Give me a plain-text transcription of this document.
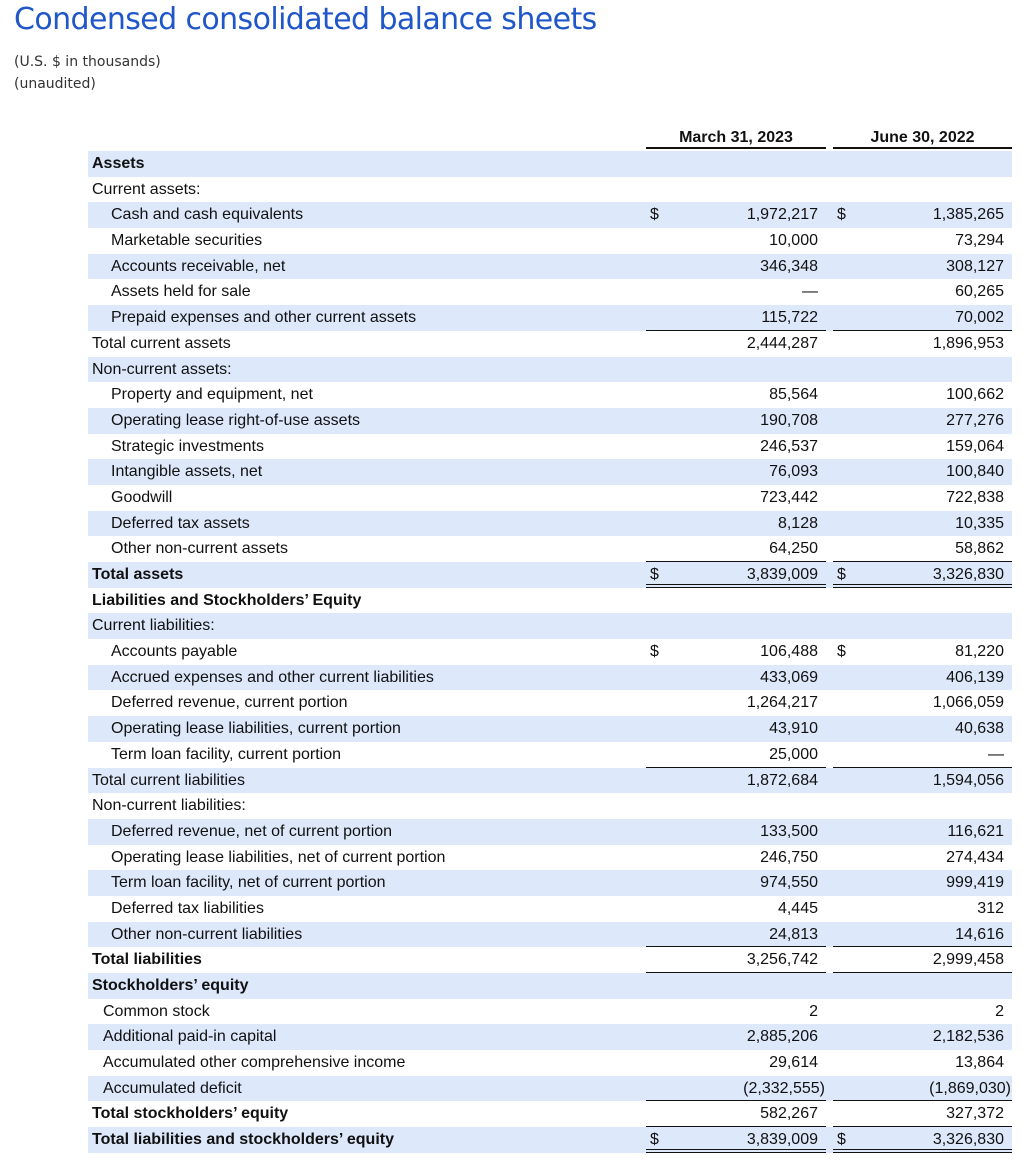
Condensed consolidated balance sheets
(U.S. $ in thousands)
(unaudited)
March 31, 2023	June 30, 2022
Assets
Current assets:
Cash and cash equivalents	$	1,972,217 $	1,385,265
Marketable securities	10,000	73,294
Accounts receivable, net	346,348	308,127
Assets held for sale	—	60,265
Prepaid expenses and other current assets	115,722	70,002
Total current assets	2,444,287	1,896,953
Non-current assets:
Property and equipment, net	85,564	100,662
Operating lease right-of-use assets	190,708	277,276
Strategic investments	246,537	159,064
Intangible assets, net	76,093	100,840
Goodwill	723,442	722,838
Deferred tax assets	8,128	10,335
Other non-current assets	64,250	58,862
Total assets	$	3,839,009 $	3,326,830
Liabilities and Stockholders’ Equity
Current liabilities:
Accounts payable	$	106,488 $	81,220
Accrued expenses and other current liabilities	433,069	406,139
Deferred revenue, current portion	1,264,217	1,066,059
Operating lease liabilities, current portion	43,910	40,638
Term loan facility, current portion	25,000	—
Total current liabilities	1,872,684	1,594,056
Non-current liabilities:
Deferred revenue, net of current portion	133,500	116,621
Operating lease liabilities, net of current portion	246,750	274,434
Term loan facility, net of current portion	974,550	999,419
Deferred tax liabilities	4,445	312
Other non-current liabilities	24,813	14,616
Total liabilities	3,256,742	2,999,458
Stockholders’ equity
Common stock	2	2
Additional paid-in capital	2,885,206	2,182,536
Accumulated other comprehensive income	29,614	13,864
Accumulated deficit	(2,332,555)	(1,869,030)
Total stockholders’ equity	582,267	327,372
Total liabilities and stockholders’ equity	$	3,839,009 $	3,326,830
